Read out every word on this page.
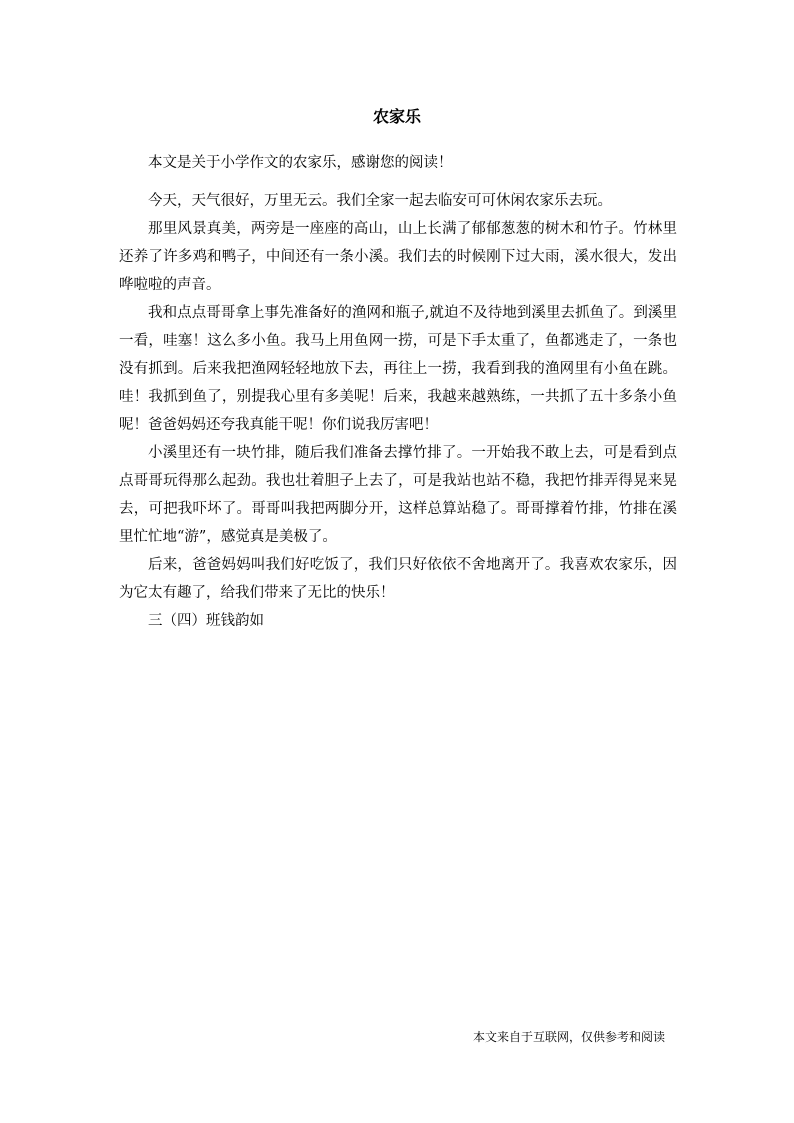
农家乐

本文是关于小学作文的农家乐，感谢您的阅读！

今天，天气很好，万里无云。我们全家一起去临安可可休闲农家乐去玩。

那里风景真美，两旁是一座座的高山，山上长满了郁郁葱葱的树木和竹子。竹林里还养了许多鸡和鸭子，中间还有一条小溪。我们去的时候刚下过大雨，溪水很大，发出哗啦啦的声音。

我和点点哥哥拿上事先准备好的渔网和瓶子,就迫不及待地到溪里去抓鱼了。到溪里一看，哇塞！这么多小鱼。我马上用鱼网一捞，可是下手太重了，鱼都逃走了，一条也没有抓到。后来我把渔网轻轻地放下去，再往上一捞，我看到我的渔网里有小鱼在跳。哇！我抓到鱼了，别提我心里有多美呢！后来，我越来越熟练，一共抓了五十多条小鱼呢！爸爸妈妈还夸我真能干呢！你们说我厉害吧！

小溪里还有一块竹排，随后我们准备去撑竹排了。一开始我不敢上去，可是看到点点哥哥玩得那么起劲。我也壮着胆子上去了，可是我站也站不稳，我把竹排弄得晃来晃去，可把我吓坏了。哥哥叫我把两脚分开，这样总算站稳了。哥哥撑着竹排，竹排在溪里忙忙地“游”，感觉真是美极了。

后来，爸爸妈妈叫我们好吃饭了，我们只好依依不舍地离开了。我喜欢农家乐，因为它太有趣了，给我们带来了无比的快乐！

三（四）班钱韵如

本文来自于互联网，仅供参考和阅读
